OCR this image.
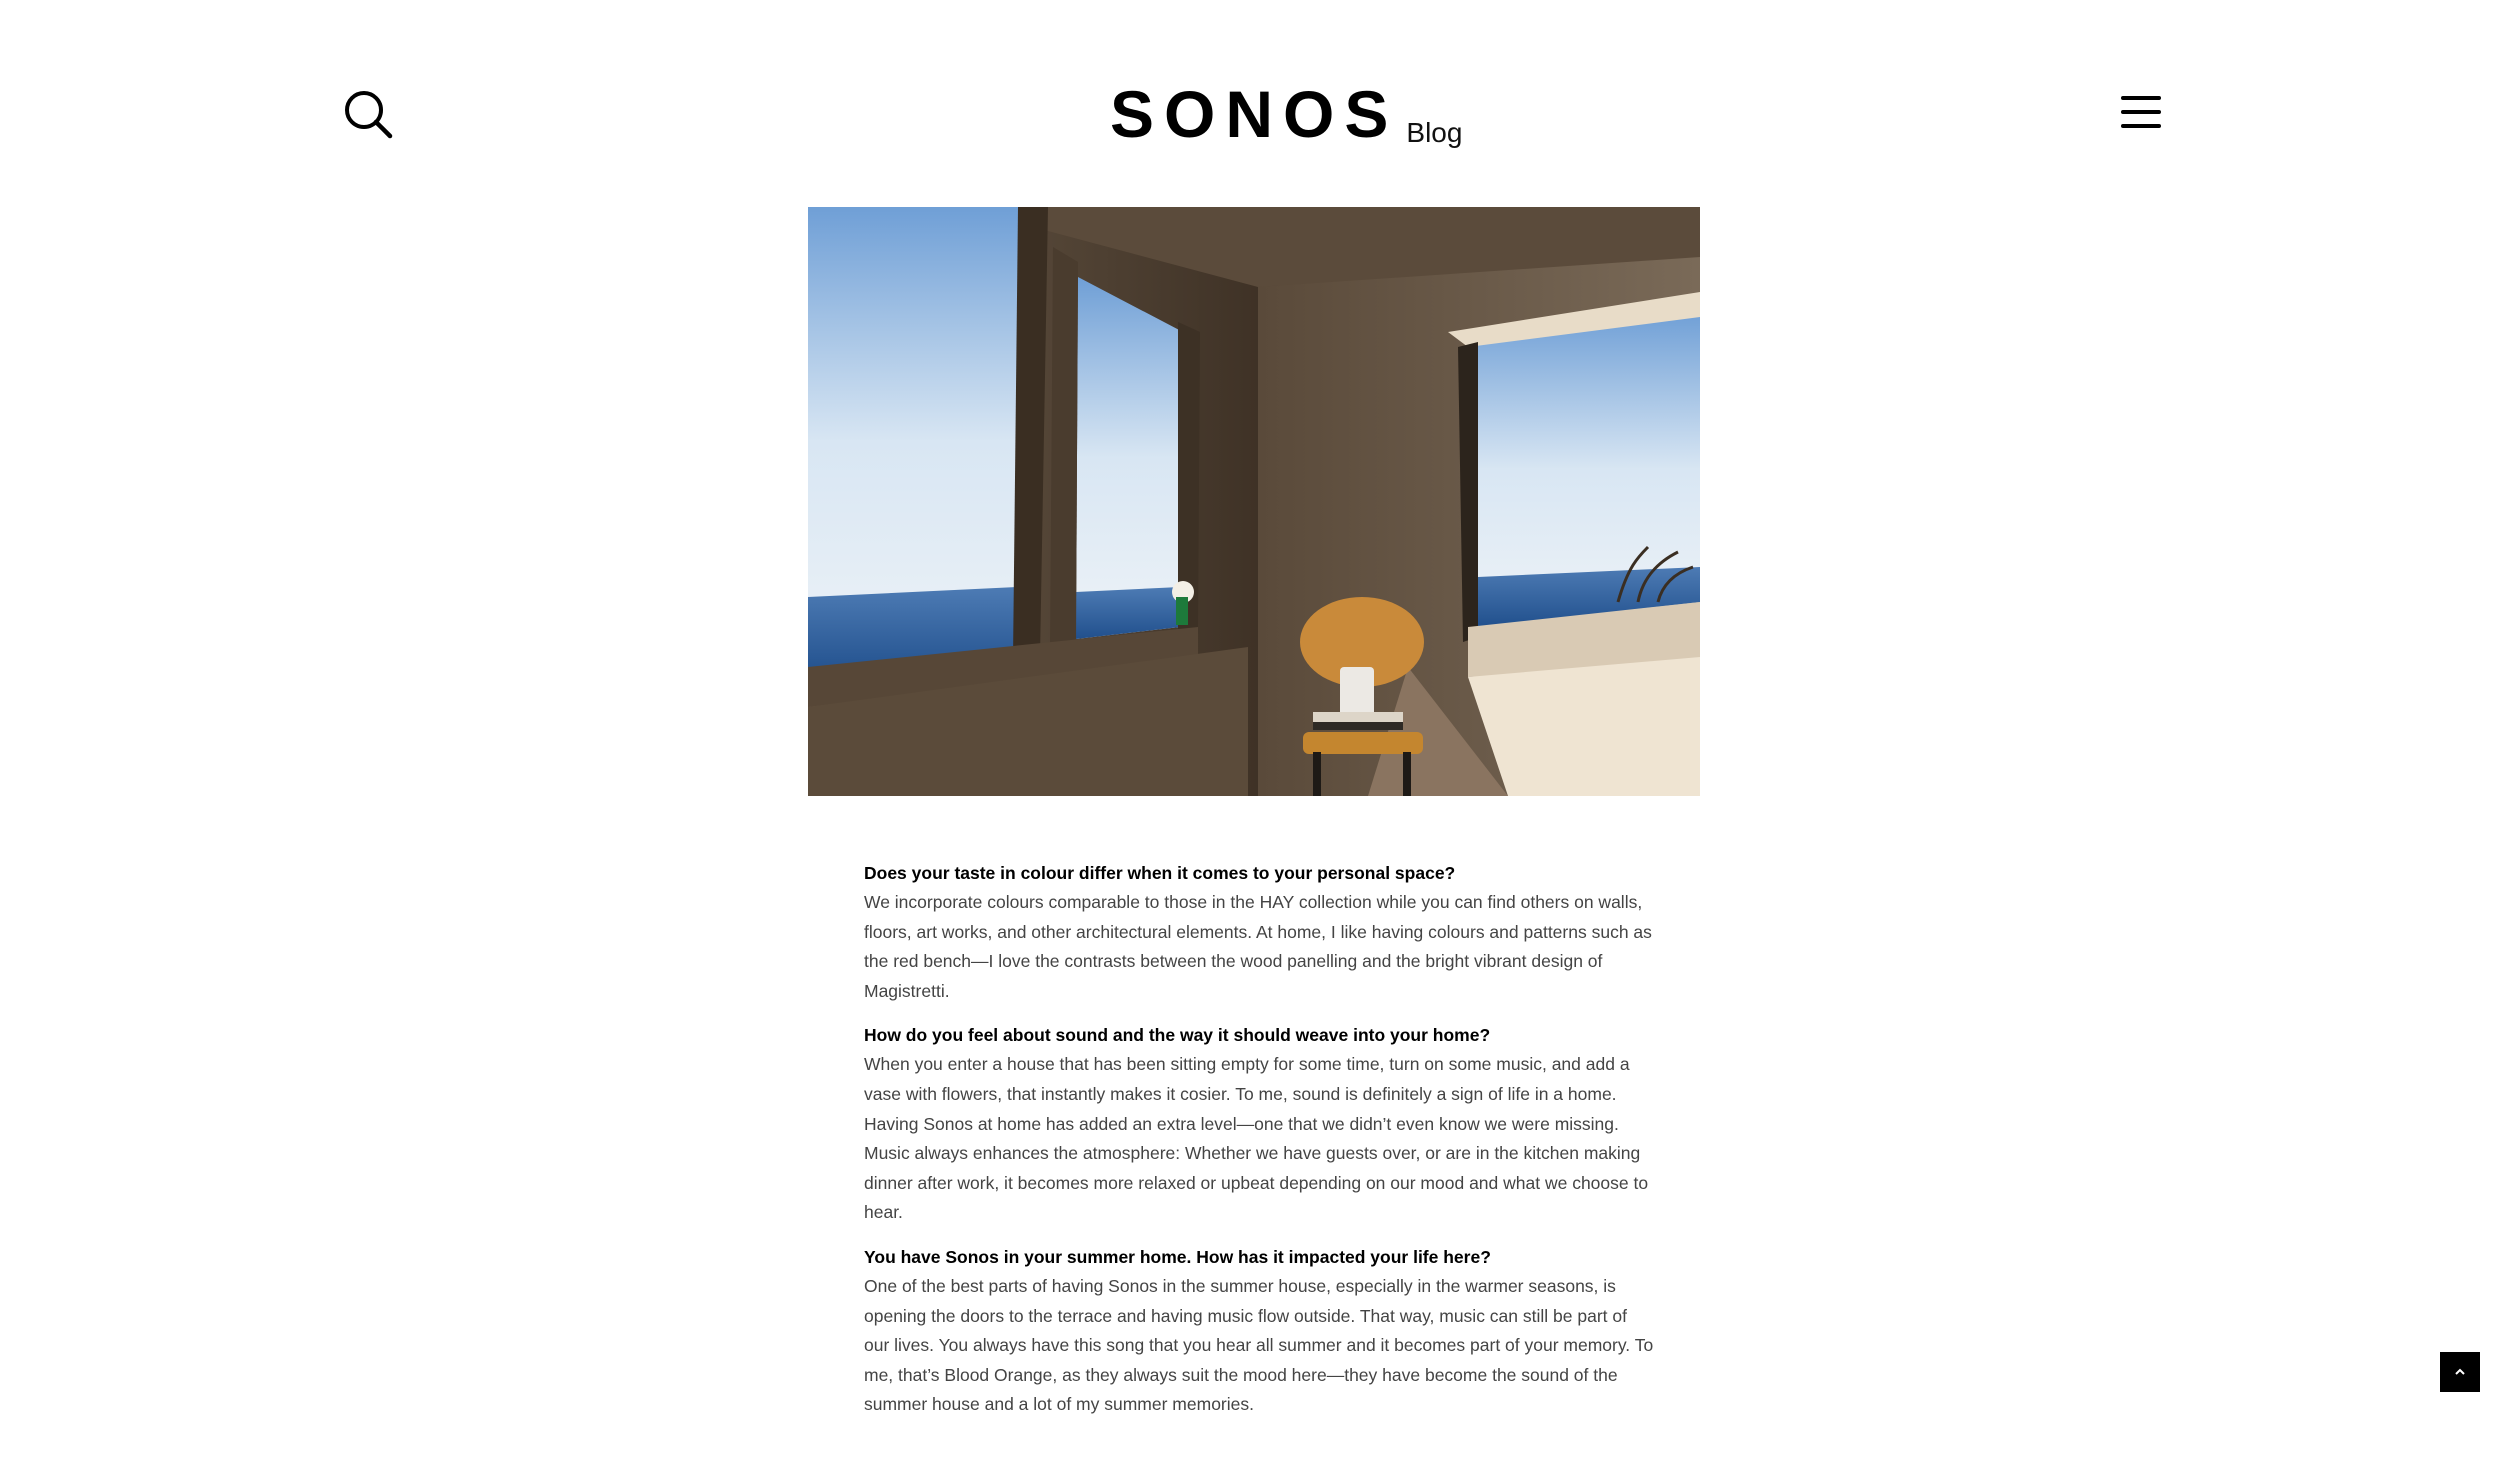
SONOS Blog

Does your taste in colour differ when it comes to your personal space?

We incorporate colours comparable to those in the HAY collection while you can find others on walls, floors, art works, and other architectural elements. At home, I like having colours and patterns such as the red bench—I love the contrasts between the wood panelling and the bright vibrant design of Magistretti.

How do you feel about sound and the way it should weave into your home?

When you enter a house that has been sitting empty for some time, turn on some music, and add a vase with flowers, that instantly makes it cosier. To me, sound is definitely a sign of life in a home. Having Sonos at home has added an extra level—one that we didn’t even know we were missing. Music always enhances the atmosphere: Whether we have guests over, or are in the kitchen making dinner after work, it becomes more relaxed or upbeat depending on our mood and what we choose to hear.

You have Sonos in your summer home. How has it impacted your life here?

One of the best parts of having Sonos in the summer house, especially in the warmer seasons, is opening the doors to the terrace and having music flow outside. That way, music can still be part of our lives. You always have this song that you hear all summer and it becomes part of your memory. To me, that’s Blood Orange, as they always suit the mood here—they have become the sound of the summer house and a lot of my summer memories.
